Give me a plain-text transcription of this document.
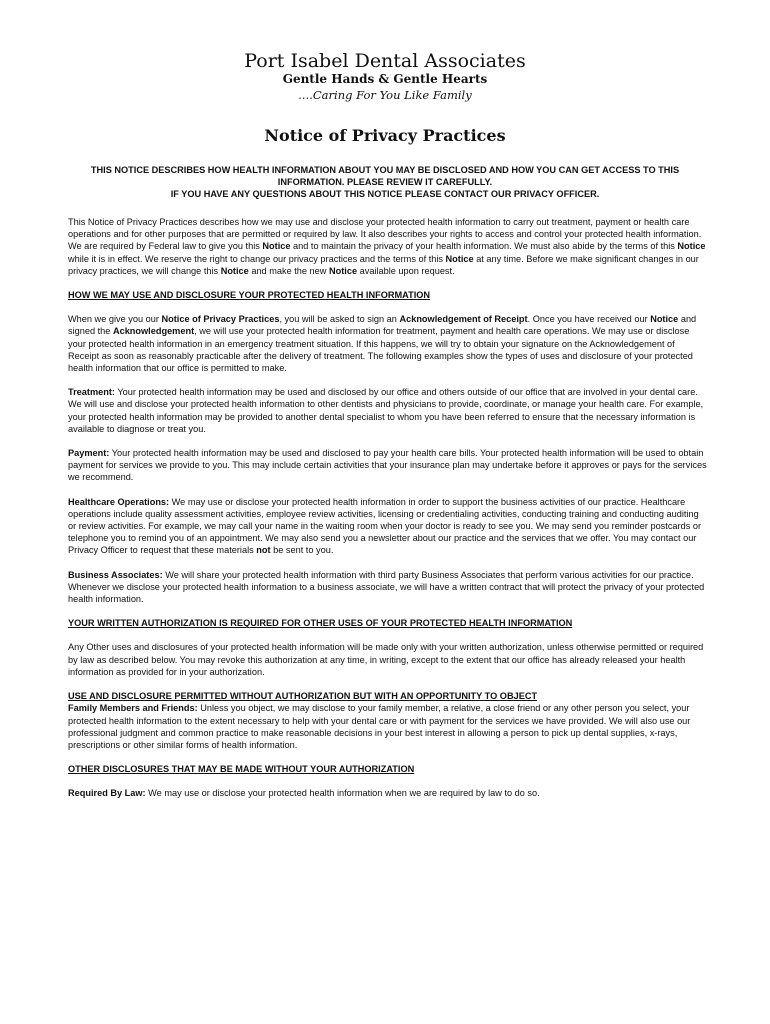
Port Isabel Dental Associates
Gentle Hands & Gentle Hearts
....Caring For You Like Family
Notice of Privacy Practices
THIS NOTICE DESCRIBES HOW HEALTH INFORMATION ABOUT YOU MAY BE DISCLOSED AND HOW YOU CAN GET ACCESS TO THIS
INFORMATION. PLEASE REVIEW IT CAREFULLY.
IF YOU HAVE ANY QUESTIONS ABOUT THIS NOTICE PLEASE CONTACT OUR PRIVACY OFFICER.

This Notice of Privacy Practices describes how we may use and disclose your protected health information to carry out treatment, payment or health care operations and for other purposes that are permitted or required by law. It also describes your rights to access and control your protected health information. We are required by Federal law to give you this Notice and to maintain the privacy of your health information. We must also abide by the terms of this Notice while it is in effect. We reserve the right to change our privacy practices and the terms of this Notice at any time. Before we make significant changes in our privacy practices, we will change this Notice and make the new Notice available upon request.

HOW WE MAY USE AND DISCLOSURE YOUR PROTECTED HEALTH INFORMATION

When we give you our Notice of Privacy Practices, you will be asked to sign an Acknowledgement of Receipt. Once you have received our Notice and signed the Acknowledgement, we will use your protected health information for treatment, payment and health care operations. We may use or disclose your protected health information in an emergency treatment situation. If this happens, we will try to obtain your signature on the Acknowledgement of Receipt as soon as reasonably practicable after the delivery of treatment. The following examples show the types of uses and disclosure of your protected health information that our office is permitted to make.

Treatment: Your protected health information may be used and disclosed by our office and others outside of our office that are involved in your dental care. We will use and disclose your protected health information to other dentists and physicians to provide, coordinate, or manage your health care. For example, your protected health information may be provided to another dental specialist to whom you have been referred to ensure that the necessary information is available to diagnose or treat you.

Payment: Your protected health information may be used and disclosed to pay your health care bills. Your protected health information will be used to obtain payment for services we provide to you. This may include certain activities that your insurance plan may undertake before it approves or pays for the services we recommend.

Healthcare Operations: We may use or disclose your protected health information in order to support the business activities of our practice. Healthcare operations include quality assessment activities, employee review activities, licensing or credentialing activities, conducting training and conducting auditing or review activities. For example, we may call your name in the waiting room when your doctor is ready to see you. We may send you reminder postcards or telephone you to remind you of an appointment. We may also send you a newsletter about our practice and the services that we offer. You may contact our Privacy Officer to request that these materials not be sent to you.

Business Associates: We will share your protected health information with third party Business Associates that perform various activities for our practice. Whenever we disclose your protected health information to a business associate, we will have a written contract that will protect the privacy of your protected health information.

YOUR WRITTEN AUTHORIZATION IS REQUIRED FOR OTHER USES OF YOUR PROTECTED HEALTH INFORMATION

Any Other uses and disclosures of your protected health information will be made only with your written authorization, unless otherwise permitted or required by law as described below. You may revoke this authorization at any time, in writing, except to the extent that our office has already released your health information as provided for in your authorization.

USE AND DISCLOSURE PERMITTED WITHOUT AUTHORIZATION BUT WITH AN OPPORTUNITY TO OBJECT

Family Members and Friends: Unless you object, we may disclose to your family member, a relative, a close friend or any other person you select, your protected health information to the extent necessary to help with your dental care or with payment for the services we have provided. We will also use our professional judgment and common practice to make reasonable decisions in your best interest in allowing a person to pick up dental supplies, x-rays, prescriptions or other similar forms of health information.

OTHER DISCLOSURES THAT MAY BE MADE WITHOUT YOUR AUTHORIZATION

Required By Law: We may use or disclose your protected health information when we are required by law to do so.
